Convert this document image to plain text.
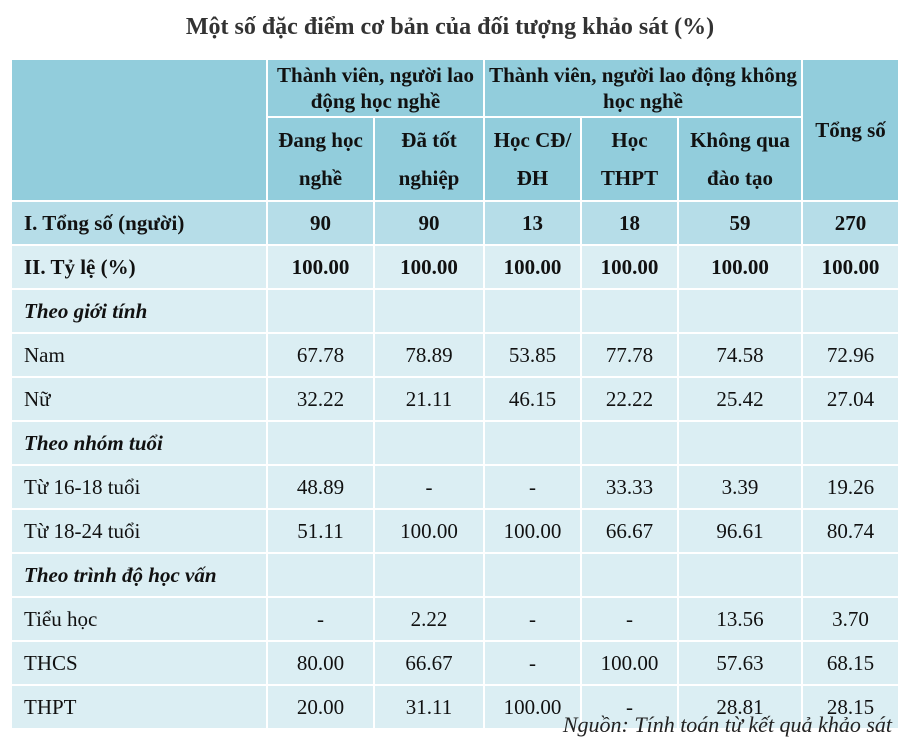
Một số đặc điểm cơ bản của đối tượng khảo sát (%)
	Thành viên, người lao động học nghề		Thành viên, người lao động không học nghề			Tổng số
	Đang học nghề	Đã tốt nghiệp	Học CĐ/ĐH	Học THPT	Không qua đào tạo	
I. Tổng số (người)	90	90	13	18	59	270
II. Tỷ lệ (%)	100.00	100.00	100.00	100.00	100.00	100.00
Theo giới tính						
Nam	67.78	78.89	53.85	77.78	74.58	72.96
Nữ	32.22	21.11	46.15	22.22	25.42	27.04
Theo nhóm tuổi						
Từ 16-18 tuổi	48.89	-	-	33.33	3.39	19.26
Từ 18-24 tuổi	51.11	100.00	100.00	66.67	96.61	80.74
Theo trình độ học vấn						
Tiểu học	-	2.22	-	-	13.56	3.70
THCS	80.00	66.67	-	100.00	57.63	68.15
THPT	20.00	31.11	100.00	-	28.81	28.15
Nguồn: Tính toán từ kết quả khảo sát
